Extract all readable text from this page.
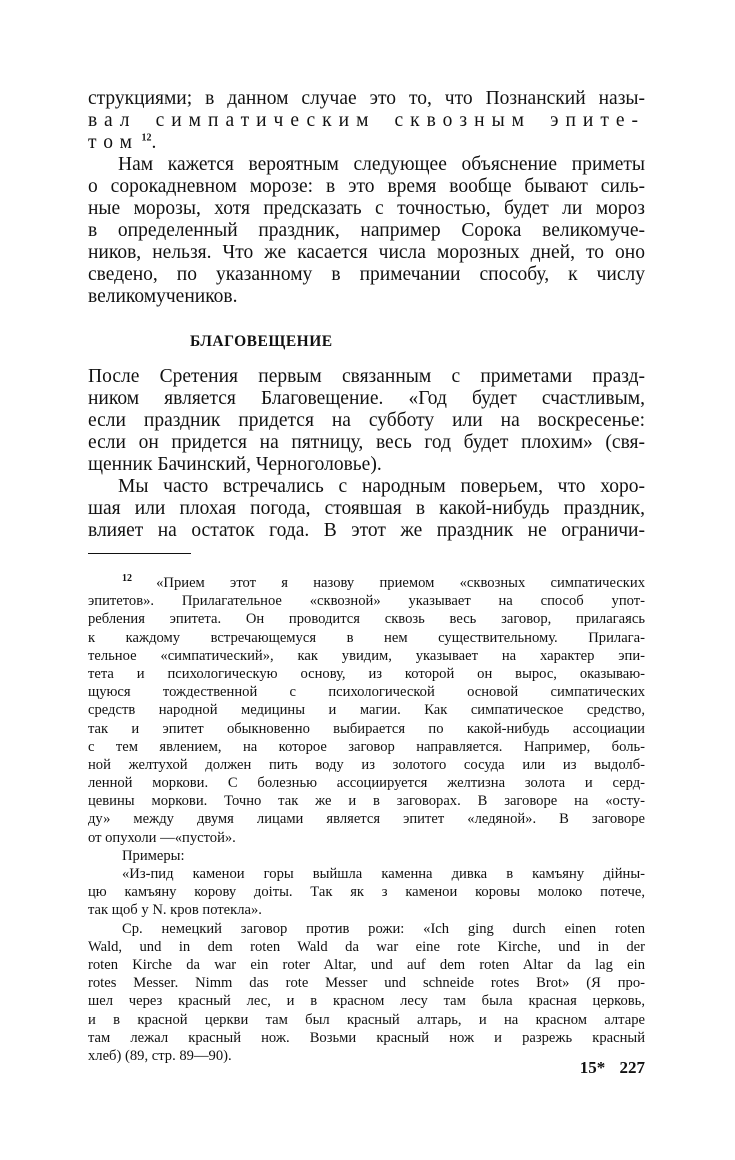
струкциями; в данном случае это то, что Познанский назы-
вал симпатическим сквозным эпите-
том $^{12}$.
Нам кажется вероятным следующее объяснение приметы
о сорокадневном морозе: в это время вообще бывают силь-
ные морозы, хотя предсказать с точностью, будет ли мороз
в определенный праздник, например Сорока великомуче-
ников, нельзя. Что же касается числа морозных дней, то оно
сведено, по указанному в примечании способу, к числу
великомучеников.
БЛАГОВЕЩЕНИЕ
После Сретения первым связанным с приметами празд-
ником является Благовещение. «Год будет счастливым,
если праздник придется на субботу или на воскресенье:
если он придется на пятницу, весь год будет плохим» (свя-
щенник Бачинский, Черноголовье).
Мы часто встречались с народным поверьем, что хоро-
шая или плохая погода, стоявшая в какой-нибудь праздник,
влияет на остаток года. В этот же праздник не ограничи-
$^{12}$ «Прием этот я назову приемом «сквозных симпатических
эпитетов». Прилагательное «сквозной» указывает на способ упот-
ребления эпитета. Он проводится сквозь весь заговор, прилагаясь
к каждому встречающемуся в нем существительному. Прилага-
тельное «симпатический», как увидим, указывает на характер эпи-
тета и психологическую основу, из которой он вырос, оказываю-
щуюся тождественной с психологической основой симпатических
средств народной медицины и магии. Как симпатическое средство,
так и эпитет обыкновенно выбирается по какой-нибудь ассоциации
с тем явлением, на которое заговор направляется. Например, боль-
ной желтухой должен пить воду из золотого сосуда или из выдолб-
ленной моркови. С болезнью ассоциируется желтизна золота и серд-
цевины моркови. Точно так же и в заговорах. В заговоре на «осту-
ду» между двумя лицами является эпитет «ледяной». В заговоре
от опухоли —«пустой».
Примеры:
«Из-пид каменои горы выйшла каменна дивка в камъяну дійны-
цю камъяну корову доіты. Так як з каменои коровы молоко потече,
так щоб у N. кров потекла».
Ср. немецкий заговор против рожи: «Ich ging durch einen roten
Wald, und in dem roten Wald da war eine rote Kirche, und in der
roten Kirche da war ein roter Altar, und auf dem roten Altar da lag ein
rotes Messer. Nimm das rote Messer und schneide rotes Brot» (Я про-
шел через красный лес, и в красном лесу там была красная церковь,
и в красной церкви там был красный алтарь, и на красном алтаре
там лежал красный нож. Возьми красный нож и разрежь красный
хлеб) (89, стр. 89—90).
15* 227
